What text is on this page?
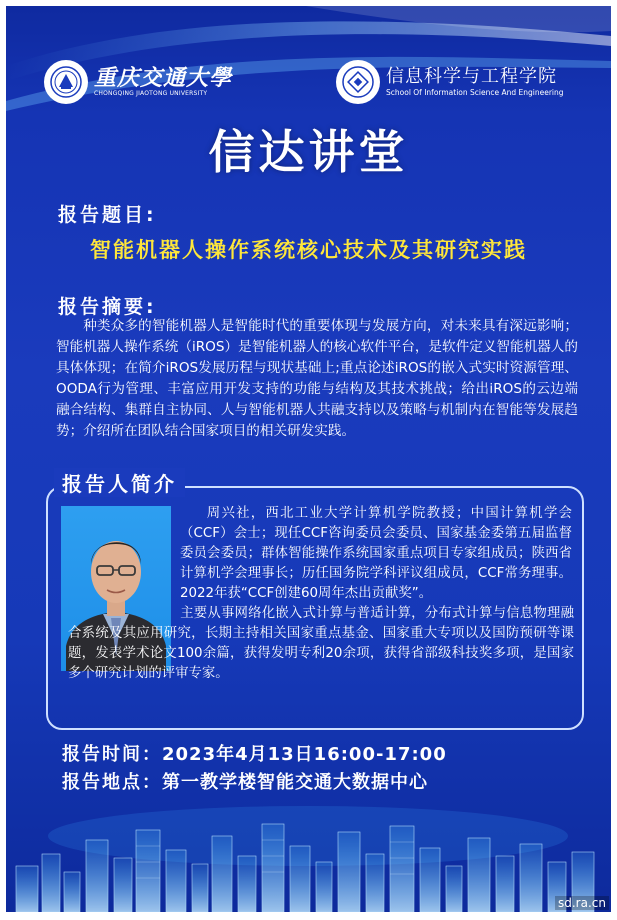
重庆交通大學
CHONGQING JIAOTONG UNIVERSITY
信息科学与工程学院
School Of Information Science And Engineering
信达讲堂
报告题目:
智能机器人操作系统核心技术及其研究实践
报告摘要:
种类众多的智能机器人是智能时代的重要体现与发展方向，对未来具有深远影响；智能机器人操作系统（iROS）是智能机器人的核心软件平台，是软件定义智能机器人的具体体现；在简介iROS发展历程与现状基础上;重点论述iROS的嵌入式实时资源管理、OODA行为管理、丰富应用开发支持的功能与结构及其技术挑战；给出iROS的云边端融合结构、集群自主协同、人与智能机器人共融支持以及策略与机制内在智能等发展趋势；介绍所在团队结合国家项目的相关研发实践。
报告人简介
周兴社，西北工业大学计算机学院教授；中国计算机学会（CCF）会士；现任CCF咨询委员会委员、国家基金委第五届监督委员会委员；群体智能操作系统国家重点项目专家组成员；陕西省计算机学会理事长；历任国务院学科评议组成员，CCF常务理事。2022年获“CCF创建60周年杰出贡献奖”。
主要从事网络化嵌入式计算与普适计算，分布式计算与信息物理融合系统及其应用研究，长期主持相关国家重点基金、国家重大专项以及国防预研等课题，发表学术论文100余篇，获得发明专利20余项，获得省部级科技奖多项，是国家多个研究计划的评审专家。
报告时间：2023年4月13日16:00-17:00
报告地点：第一教学楼智能交通大数据中心
sd.ra.cn
